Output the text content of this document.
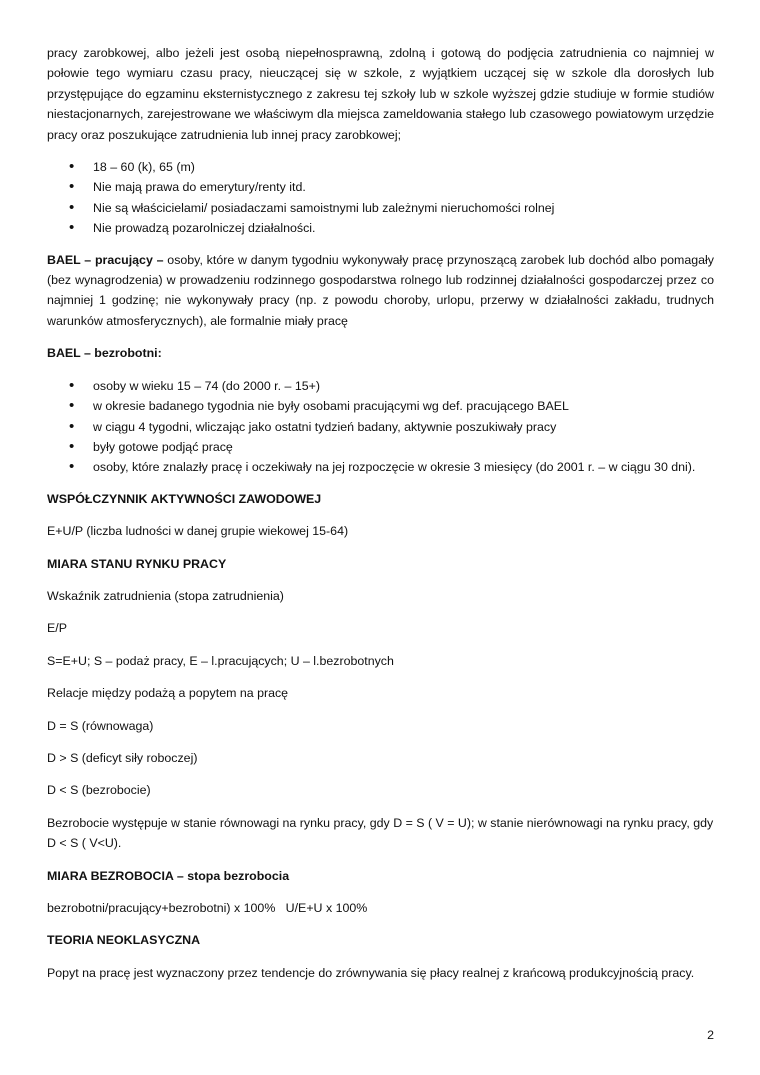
pracy zarobkowej, albo jeżeli jest osobą niepełnosprawną, zdolną i gotową do podjęcia zatrudnienia co najmniej w połowie tego wymiaru czasu pracy, nieuczącej się w szkole, z wyjątkiem uczącej się w szkole dla dorosłych lub przystępujące do egzaminu eksternistycznego z zakresu tej szkoły lub w szkole wyższej gdzie studiuje w formie studiów niestacjonarnych, zarejestrowane we właściwym dla miejsca zameldowania stałego lub czasowego powiatowym urzędzie pracy oraz poszukujące zatrudnienia lub innej pracy zarobkowej;

• 18 – 60 (k), 65 (m)
• Nie mają prawa do emerytury/renty itd.
• Nie są właścicielami/ posiadaczami samoistnymi lub zależnymi nieruchomości rolnej
• Nie prowadzą pozarolniczej działalności.

BAEL – pracujący – osoby, które w danym tygodniu wykonywały pracę przynoszącą zarobek lub dochód albo pomagały (bez wynagrodzenia) w prowadzeniu rodzinnego gospodarstwa rolnego lub rodzinnej działalności gospodarczej przez co najmniej 1 godzinę; nie wykonywały pracy (np. z powodu choroby, urlopu, przerwy w działalności zakładu, trudnych warunków atmosferycznych), ale formalnie miały pracę

BAEL – bezrobotni:

• osoby w wieku 15 – 74 (do 2000 r. – 15+)
• w okresie badanego tygodnia nie były osobami pracującymi wg def. pracującego BAEL
• w ciągu 4 tygodni, wliczając jako ostatni tydzień badany, aktywnie poszukiwały pracy
• były gotowe podjąć pracę
• osoby, które znalazły pracę i oczekiwały na jej rozpoczęcie w okresie 3 miesięcy (do 2001 r. – w ciągu 30 dni).

WSPÓŁCZYNNIK AKTYWNOŚCI ZAWODOWEJ

E+U/P (liczba ludności w danej grupie wiekowej 15-64)

MIARA STANU RYNKU PRACY

Wskaźnik zatrudnienia (stopa zatrudnienia)

E/P

S=E+U; S – podaż pracy, E – l.pracujących; U – l.bezrobotnych

Relacje między podażą a popytem na pracę

D = S (równowaga)

D > S (deficyt siły roboczej)

D < S (bezrobocie)

Bezrobocie występuje w stanie równowagi na rynku pracy, gdy D = S ( V = U); w stanie nierównowagi na rynku pracy, gdy D < S ( V<U).

MIARA BEZROBOCIA – stopa bezrobocia

bezrobotni/pracujący+bezrobotni) x 100%   U/E+U x 100%

TEORIA NEOKLASYCZNA

Popyt na pracę jest wyznaczony przez tendencje do zrównywania się płacy realnej z krańcową produkcyjnością pracy.

2
